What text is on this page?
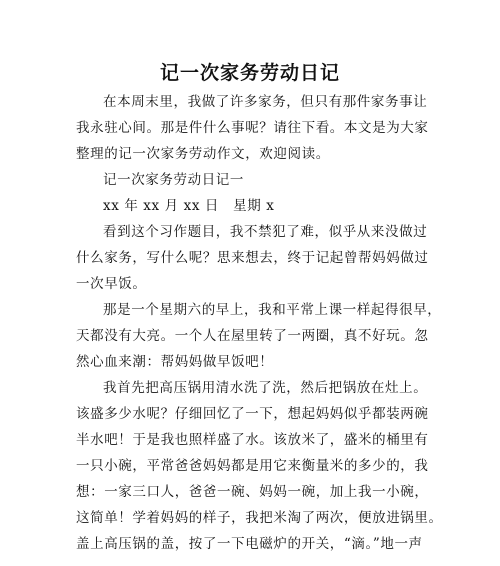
记一次家务劳动日记

在本周末里，我做了许多家务，但只有那件家务事让

我永驻心间。那是件什么事呢？请往下看。本文是为大家

整理的记一次家务劳动作文，欢迎阅读。

记一次家务劳动日记一

xx 年 xx 月 xx 日　星期 x

看到这个习作题目，我不禁犯了难，似乎从来没做过

什么家务，写什么呢？思来想去，终于记起曾帮妈妈做过

一次早饭。

那是一个星期六的早上，我和平常上课一样起得很早，

天都没有大亮。一个人在屋里转了一两圈，真不好玩。忽

然心血来潮：帮妈妈做早饭吧！

我首先把高压锅用清水洗了洗，然后把锅放在灶上。

该盛多少水呢？仔细回忆了一下，想起妈妈似乎都装两碗

半水吧！于是我也照样盛了水。该放米了，盛米的桶里有

一只小碗，平常爸爸妈妈都是用它来衡量米的多少的，我

想：一家三口人，爸爸一碗、妈妈一碗，加上我一小碗，

这简单！学着妈妈的样子，我把米淘了两次，便放进锅里。

盖上高压锅的盖，按了一下电磁炉的开关，“滴。”地一声
